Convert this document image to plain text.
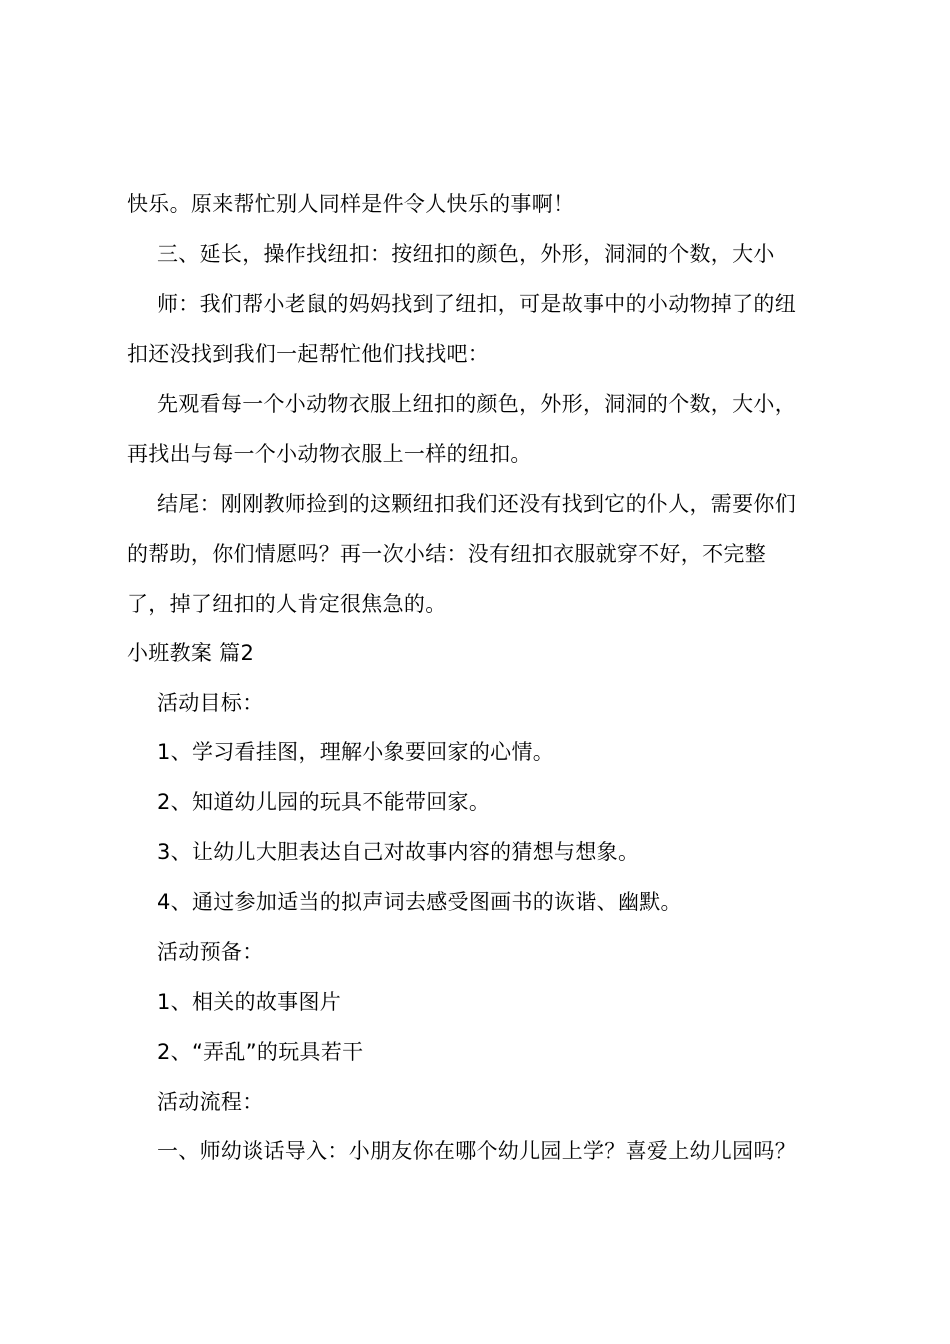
快乐。原来帮忙别人同样是件令人快乐的事啊！
三、延长，操作找纽扣：按纽扣的颜色，外形，洞洞的个数，大小
师：我们帮小老鼠的妈妈找到了纽扣，可是故事中的小动物掉了的纽
扣还没找到我们一起帮忙他们找找吧：
先观看每一个小动物衣服上纽扣的颜色，外形，洞洞的个数，大小，
再找出与每一个小动物衣服上一样的纽扣。
结尾：刚刚教师捡到的这颗纽扣我们还没有找到它的仆人，需要你们
的帮助，你们情愿吗？再一次小结：没有纽扣衣服就穿不好，不完整
了，掉了纽扣的人肯定很焦急的。
小班教案 篇2
活动目标：
1、学习看挂图，理解小象要回家的心情。
2、知道幼儿园的玩具不能带回家。
3、让幼儿大胆表达自己对故事内容的猜想与想象。
4、通过参加适当的拟声词去感受图画书的诙谐、幽默。
活动预备：
1、相关的故事图片
2、“弄乱”的玩具若干
活动流程：
一、师幼谈话导入：小朋友你在哪个幼儿园上学？喜爱上幼儿园吗？
